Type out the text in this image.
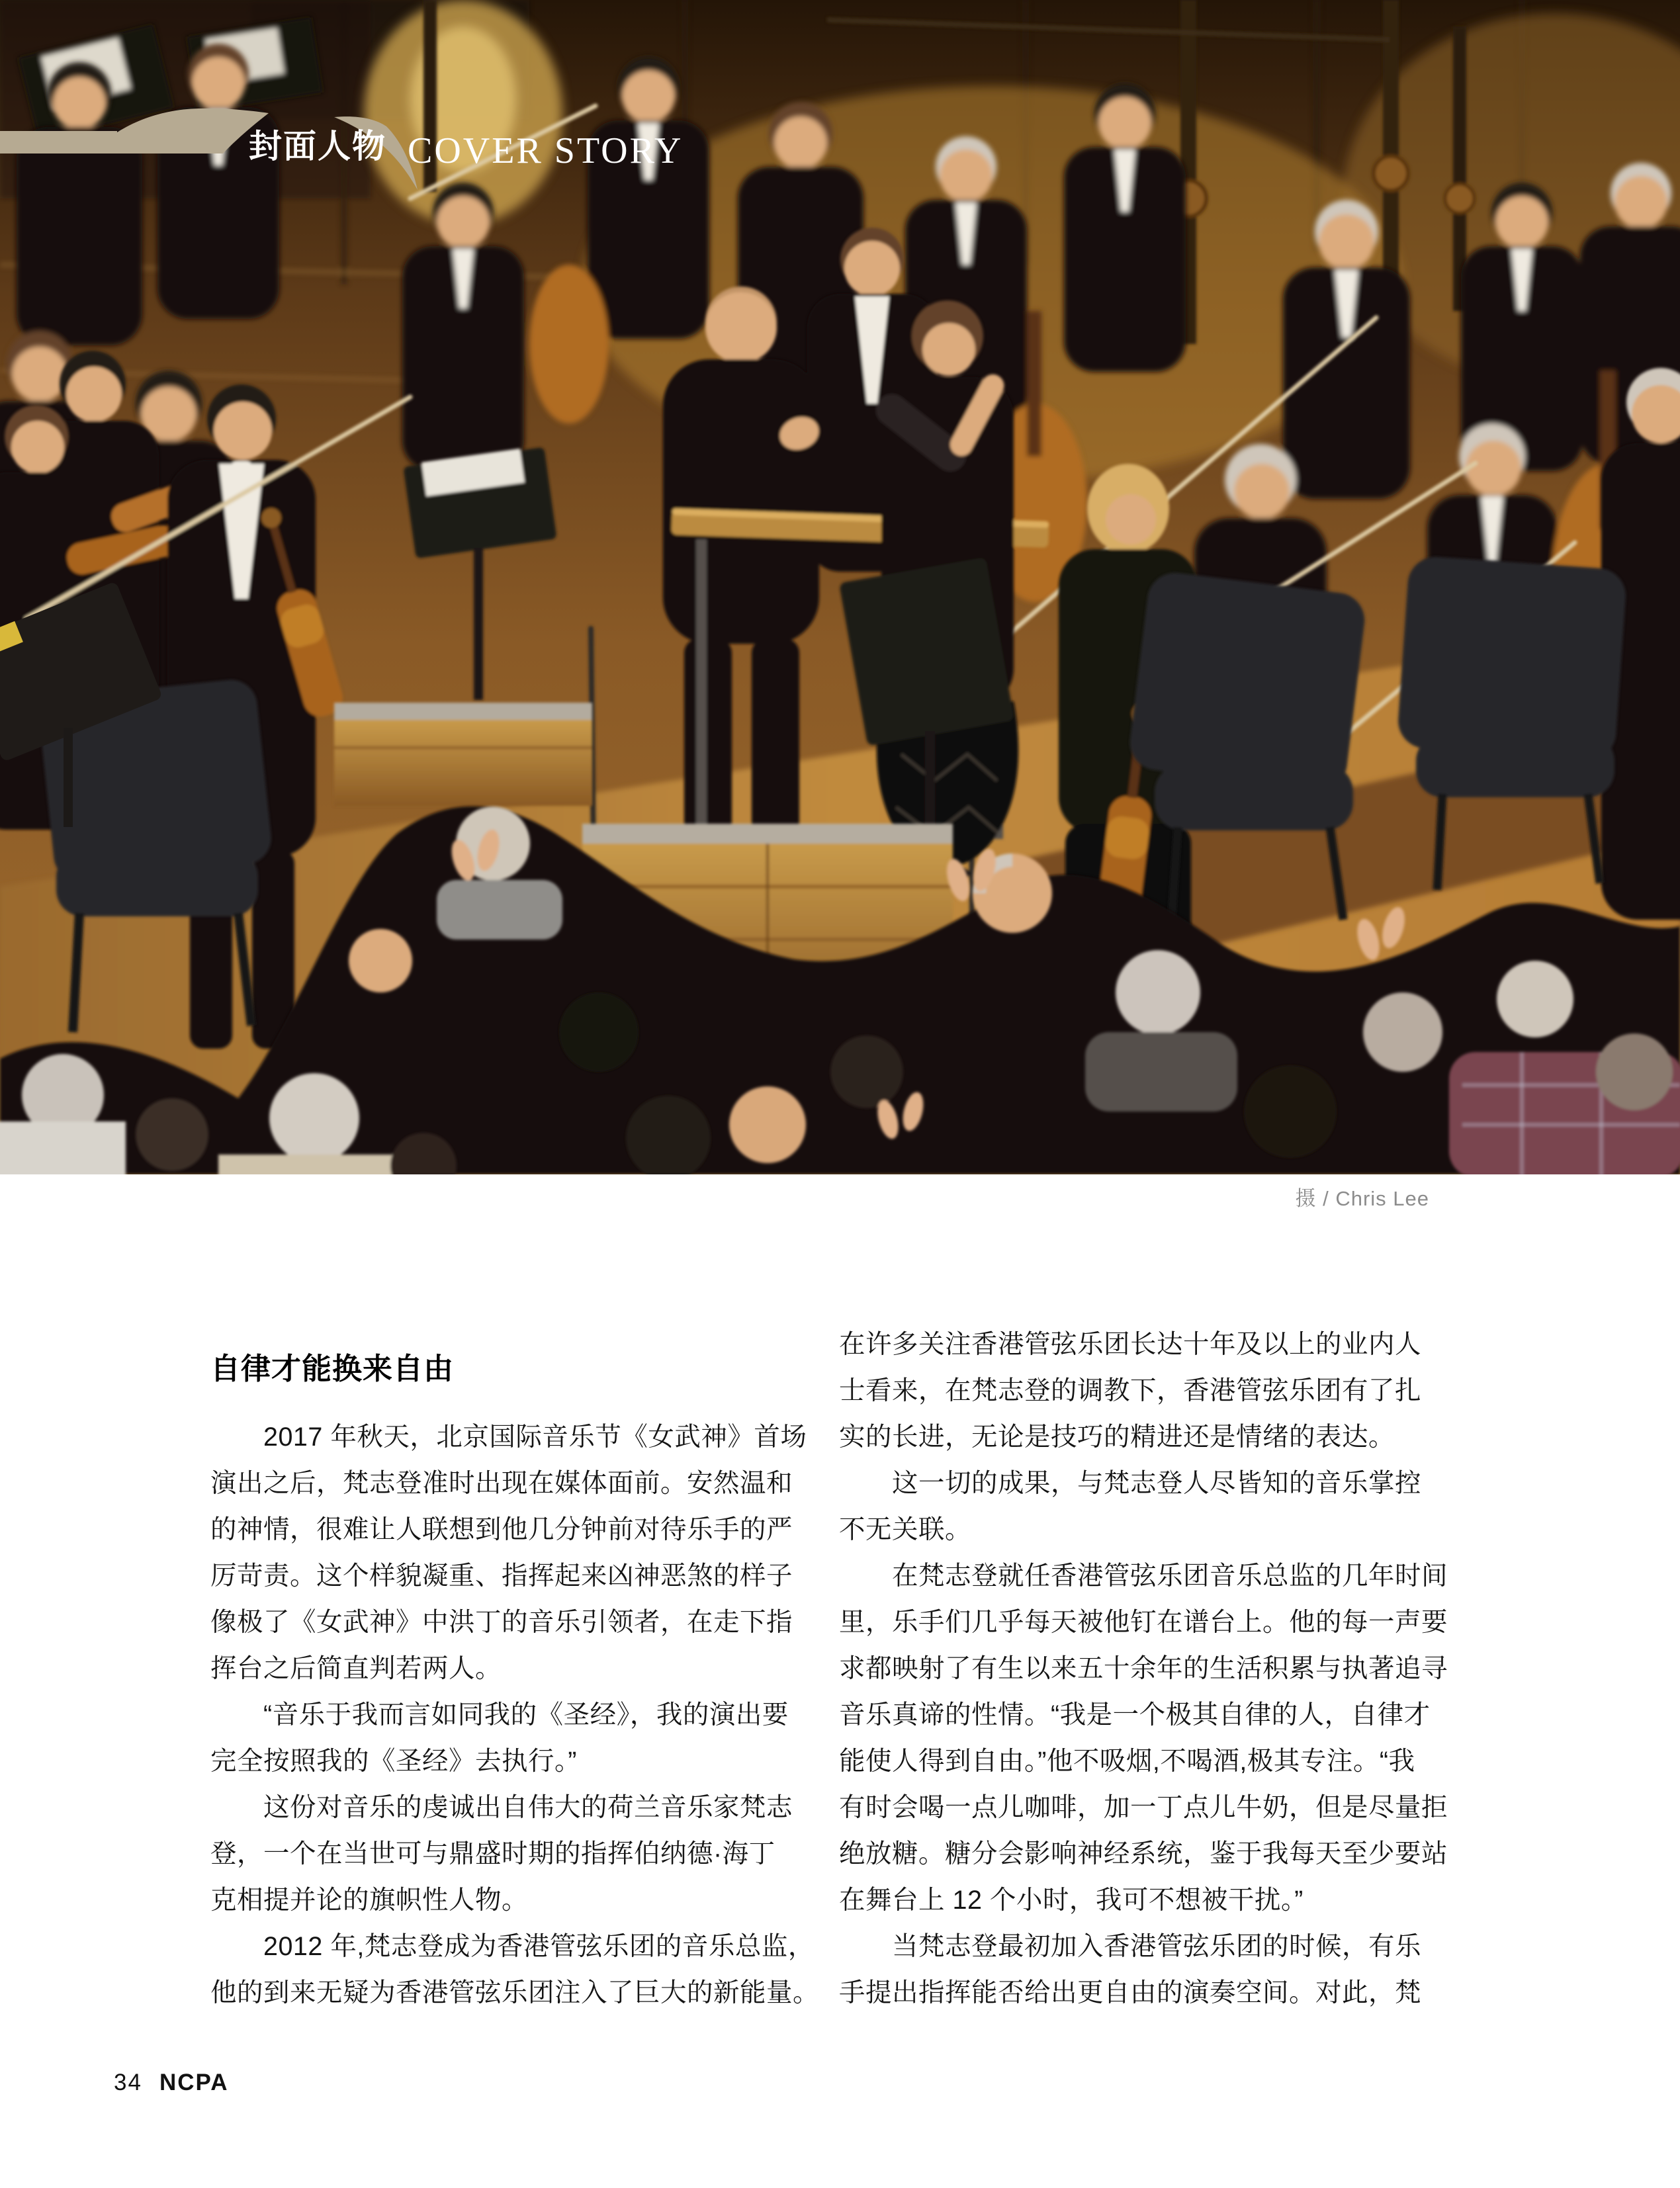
封面人物 COVER STORY
摄 / Chris Lee
自律才能换来自由
　　2017 年秋天，北京国际音乐节《女武神》首场
演出之后，梵志登准时出现在媒体面前。安然温和
的神情，很难让人联想到他几分钟前对待乐手的严
厉苛责。这个样貌凝重、指挥起来凶神恶煞的样子
像极了《女武神》中洪丁的音乐引领者，在走下指
挥台之后简直判若两人。
　　“音乐于我而言如同我的《圣经》，我的演出要
完全按照我的《圣经》去执行。”
　　这份对音乐的虔诚出自伟大的荷兰音乐家梵志
登，一个在当世可与鼎盛时期的指挥伯纳德·海丁
克相提并论的旗帜性人物。
　　2012 年,梵志登成为香港管弦乐团的音乐总监，
他的到来无疑为香港管弦乐团注入了巨大的新能量。
在许多关注香港管弦乐团长达十年及以上的业内人
士看来，在梵志登的调教下，香港管弦乐团有了扎
实的长进，无论是技巧的精进还是情绪的表达。
　　这一切的成果，与梵志登人尽皆知的音乐掌控
不无关联。
　　在梵志登就任香港管弦乐团音乐总监的几年时间
里，乐手们几乎每天被他钉在谱台上。他的每一声要
求都映射了有生以来五十余年的生活积累与执著追寻
音乐真谛的性情。“我是一个极其自律的人，自律才
能使人得到自由。”他不吸烟,不喝酒,极其专注。“我
有时会喝一点儿咖啡，加一丁点儿牛奶，但是尽量拒
绝放糖。糖分会影响神经系统，鉴于我每天至少要站
在舞台上 12 个小时，我可不想被干扰。”
　　当梵志登最初加入香港管弦乐团的时候，有乐
手提出指挥能否给出更自由的演奏空间。对此，梵
34 NCPA
